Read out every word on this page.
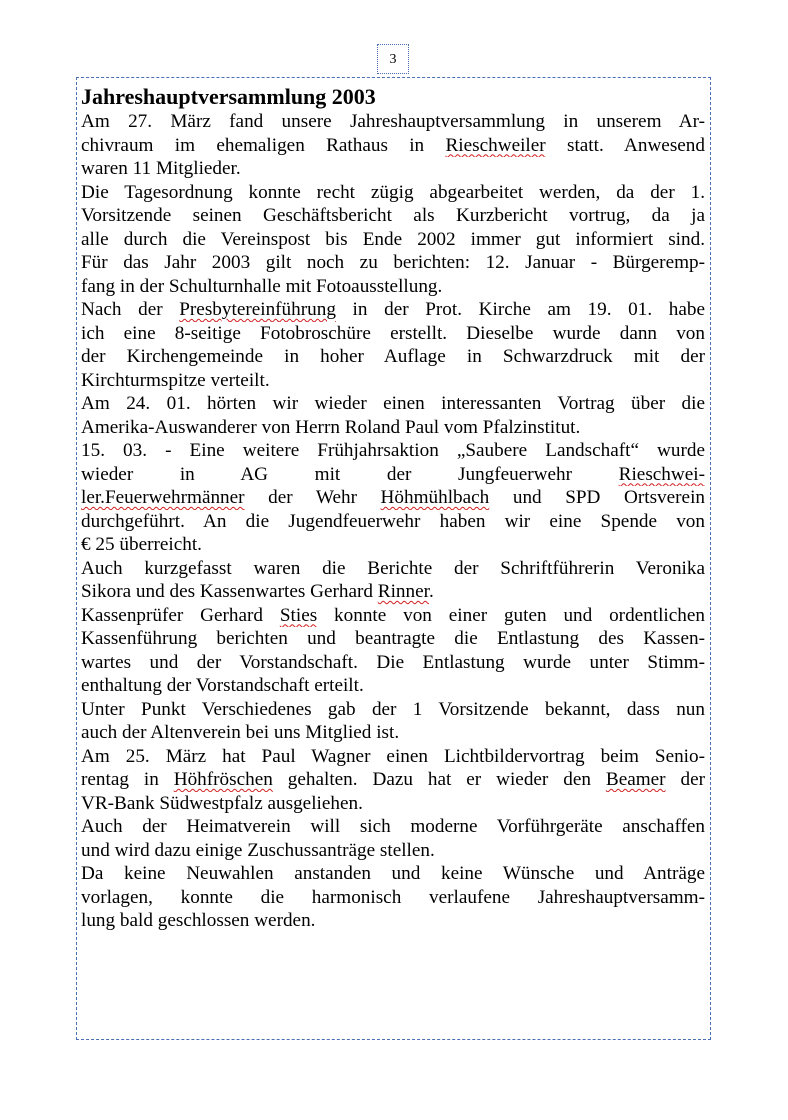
3
Jahreshauptversammlung 2003
Am 27. März fand unsere Jahreshauptversammlung in unserem Ar-
chivraum im ehemaligen Rathaus in Rieschweiler statt. Anwesend
waren 11 Mitglieder.
Die Tagesordnung konnte recht zügig abgearbeitet werden, da der 1.
Vorsitzende seinen Geschäftsbericht als Kurzbericht vortrug, da ja
alle durch die Vereinspost bis Ende 2002 immer gut informiert sind.
Für das Jahr 2003 gilt noch zu berichten: 12. Januar - Bürgeremp-
fang in der Schulturnhalle mit Fotoausstellung.
Nach der Presbytereinführung in der Prot. Kirche am 19. 01. habe
ich eine 8-seitige Fotobroschüre erstellt. Dieselbe wurde dann von
der Kirchengemeinde in hoher Auflage in Schwarzdruck mit der
Kirchturmspitze verteilt.
Am 24. 01. hörten wir wieder einen interessanten Vortrag über die
Amerika-Auswanderer von Herrn Roland Paul vom Pfalzinstitut.
15. 03. - Eine weitere Frühjahrsaktion „Saubere Landschaft“ wurde
wieder in AG mit der Jungfeuerwehr Rieschwei-
ler.Feuerwehrmänner der Wehr Höhmühlbach und SPD Ortsverein
durchgeführt. An die Jugendfeuerwehr haben wir eine Spende von
€ 25 überreicht.
Auch kurzgefasst waren die Berichte der Schriftführerin Veronika
Sikora und des Kassenwartes Gerhard Rinner.
Kassenprüfer Gerhard Sties konnte von einer guten und ordentlichen
Kassenführung berichten und beantragte die Entlastung des Kassen-
wartes und der Vorstandschaft. Die Entlastung wurde unter Stimm-
enthaltung der Vorstandschaft erteilt.
Unter Punkt Verschiedenes gab der 1 Vorsitzende bekannt, dass nun
auch der Altenverein bei uns Mitglied ist.
Am 25. März hat Paul Wagner einen Lichtbildervortrag beim Senio-
rentag in Höhfröschen gehalten. Dazu hat er wieder den Beamer der
VR-Bank Südwestpfalz ausgeliehen.
Auch der Heimatverein will sich moderne Vorführgeräte anschaffen
und wird dazu einige Zuschussanträge stellen.
Da keine Neuwahlen anstanden und keine Wünsche und Anträge
vorlagen, konnte die harmonisch verlaufene Jahreshauptversamm-
lung bald geschlossen werden.
